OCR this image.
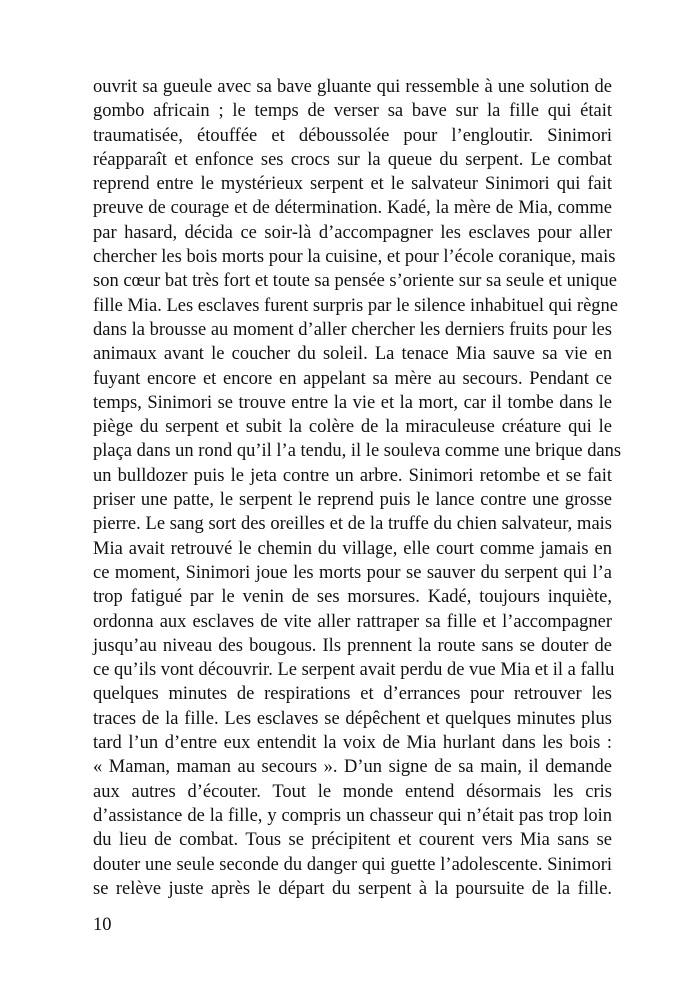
ouvrit sa gueule avec sa bave gluante qui ressemble à une solution de
gombo africain ; le temps de verser sa bave sur la fille qui était
traumatisée, étouffée et déboussolée pour l’engloutir. Sinimori
réapparaît et enfonce ses crocs sur la queue du serpent. Le combat
reprend entre le mystérieux serpent et le salvateur Sinimori qui fait
preuve de courage et de détermination. Kadé, la mère de Mia, comme
par hasard, décida ce soir-là d’accompagner les esclaves pour aller
chercher les bois morts pour la cuisine, et pour l’école coranique, mais
son cœur bat très fort et toute sa pensée s’oriente sur sa seule et unique
fille Mia. Les esclaves furent surpris par le silence inhabituel qui règne
dans la brousse au moment d’aller chercher les derniers fruits pour les
animaux avant le coucher du soleil. La tenace Mia sauve sa vie en
fuyant encore et encore en appelant sa mère au secours. Pendant ce
temps, Sinimori se trouve entre la vie et la mort, car il tombe dans le
piège du serpent et subit la colère de la miraculeuse créature qui le
plaça dans un rond qu’il l’a tendu, il le souleva comme une brique dans
un bulldozer puis le jeta contre un arbre. Sinimori retombe et se fait
priser une patte, le serpent le reprend puis le lance contre une grosse
pierre. Le sang sort des oreilles et de la truffe du chien salvateur, mais
Mia avait retrouvé le chemin du village, elle court comme jamais en
ce moment, Sinimori joue les morts pour se sauver du serpent qui l’a
trop fatigué par le venin de ses morsures. Kadé, toujours inquiète,
ordonna aux esclaves de vite aller rattraper sa fille et l’accompagner
jusqu’au niveau des bougous. Ils prennent la route sans se douter de
ce qu’ils vont découvrir. Le serpent avait perdu de vue Mia et il a fallu
quelques minutes de respirations et d’errances pour retrouver les
traces de la fille. Les esclaves se dépêchent et quelques minutes plus
tard l’un d’entre eux entendit la voix de Mia hurlant dans les bois :
« Maman, maman au secours ». D’un signe de sa main, il demande
aux autres d’écouter. Tout le monde entend désormais les cris
d’assistance de la fille, y compris un chasseur qui n’était pas trop loin
du lieu de combat. Tous se précipitent et courent vers Mia sans se
douter une seule seconde du danger qui guette l’adolescente. Sinimori
se relève juste après le départ du serpent à la poursuite de la fille.
10
